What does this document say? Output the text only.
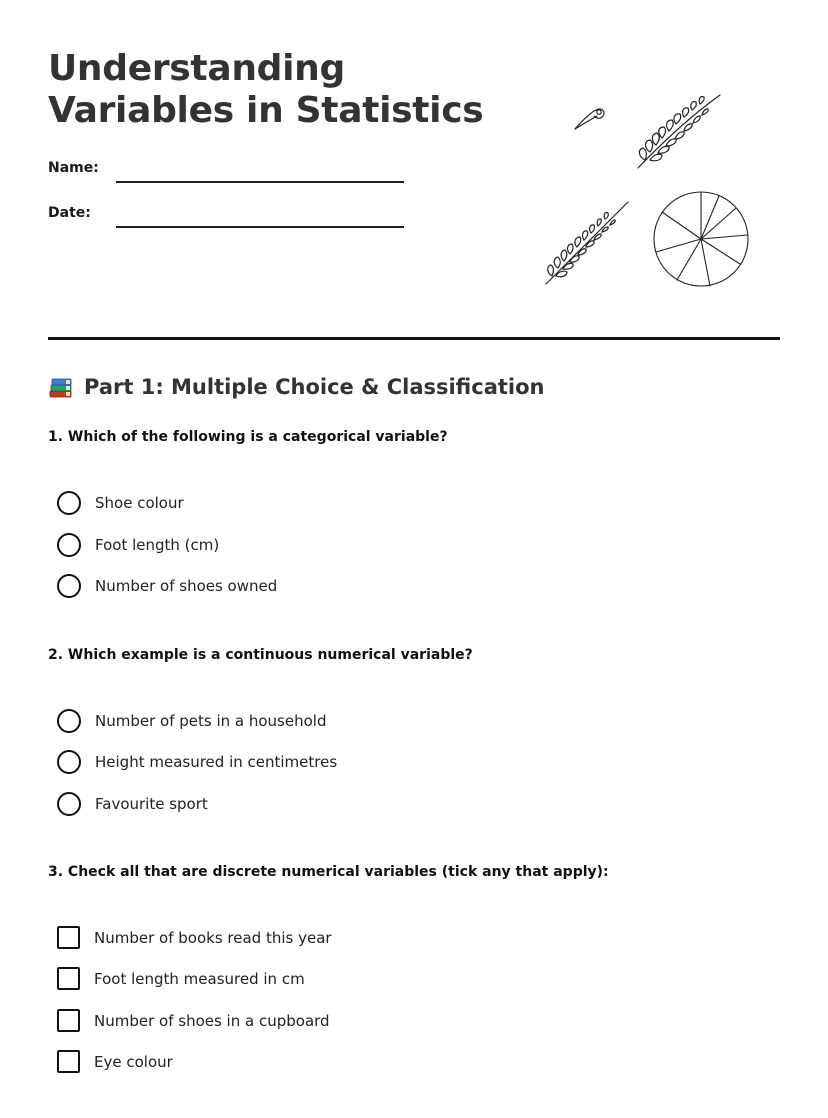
Understanding
Variables in Statistics
Name:
Date:
Part 1: Multiple Choice & Classification

1. Which of the following is a categorical variable?

Shoe colour
Foot length (cm)
Number of shoes owned

2. Which example is a continuous numerical variable?

Number of pets in a household
Height measured in centimetres
Favourite sport

3. Check all that are discrete numerical variables (tick any that apply):

Number of books read this year
Foot length measured in cm
Number of shoes in a cupboard
Eye colour
